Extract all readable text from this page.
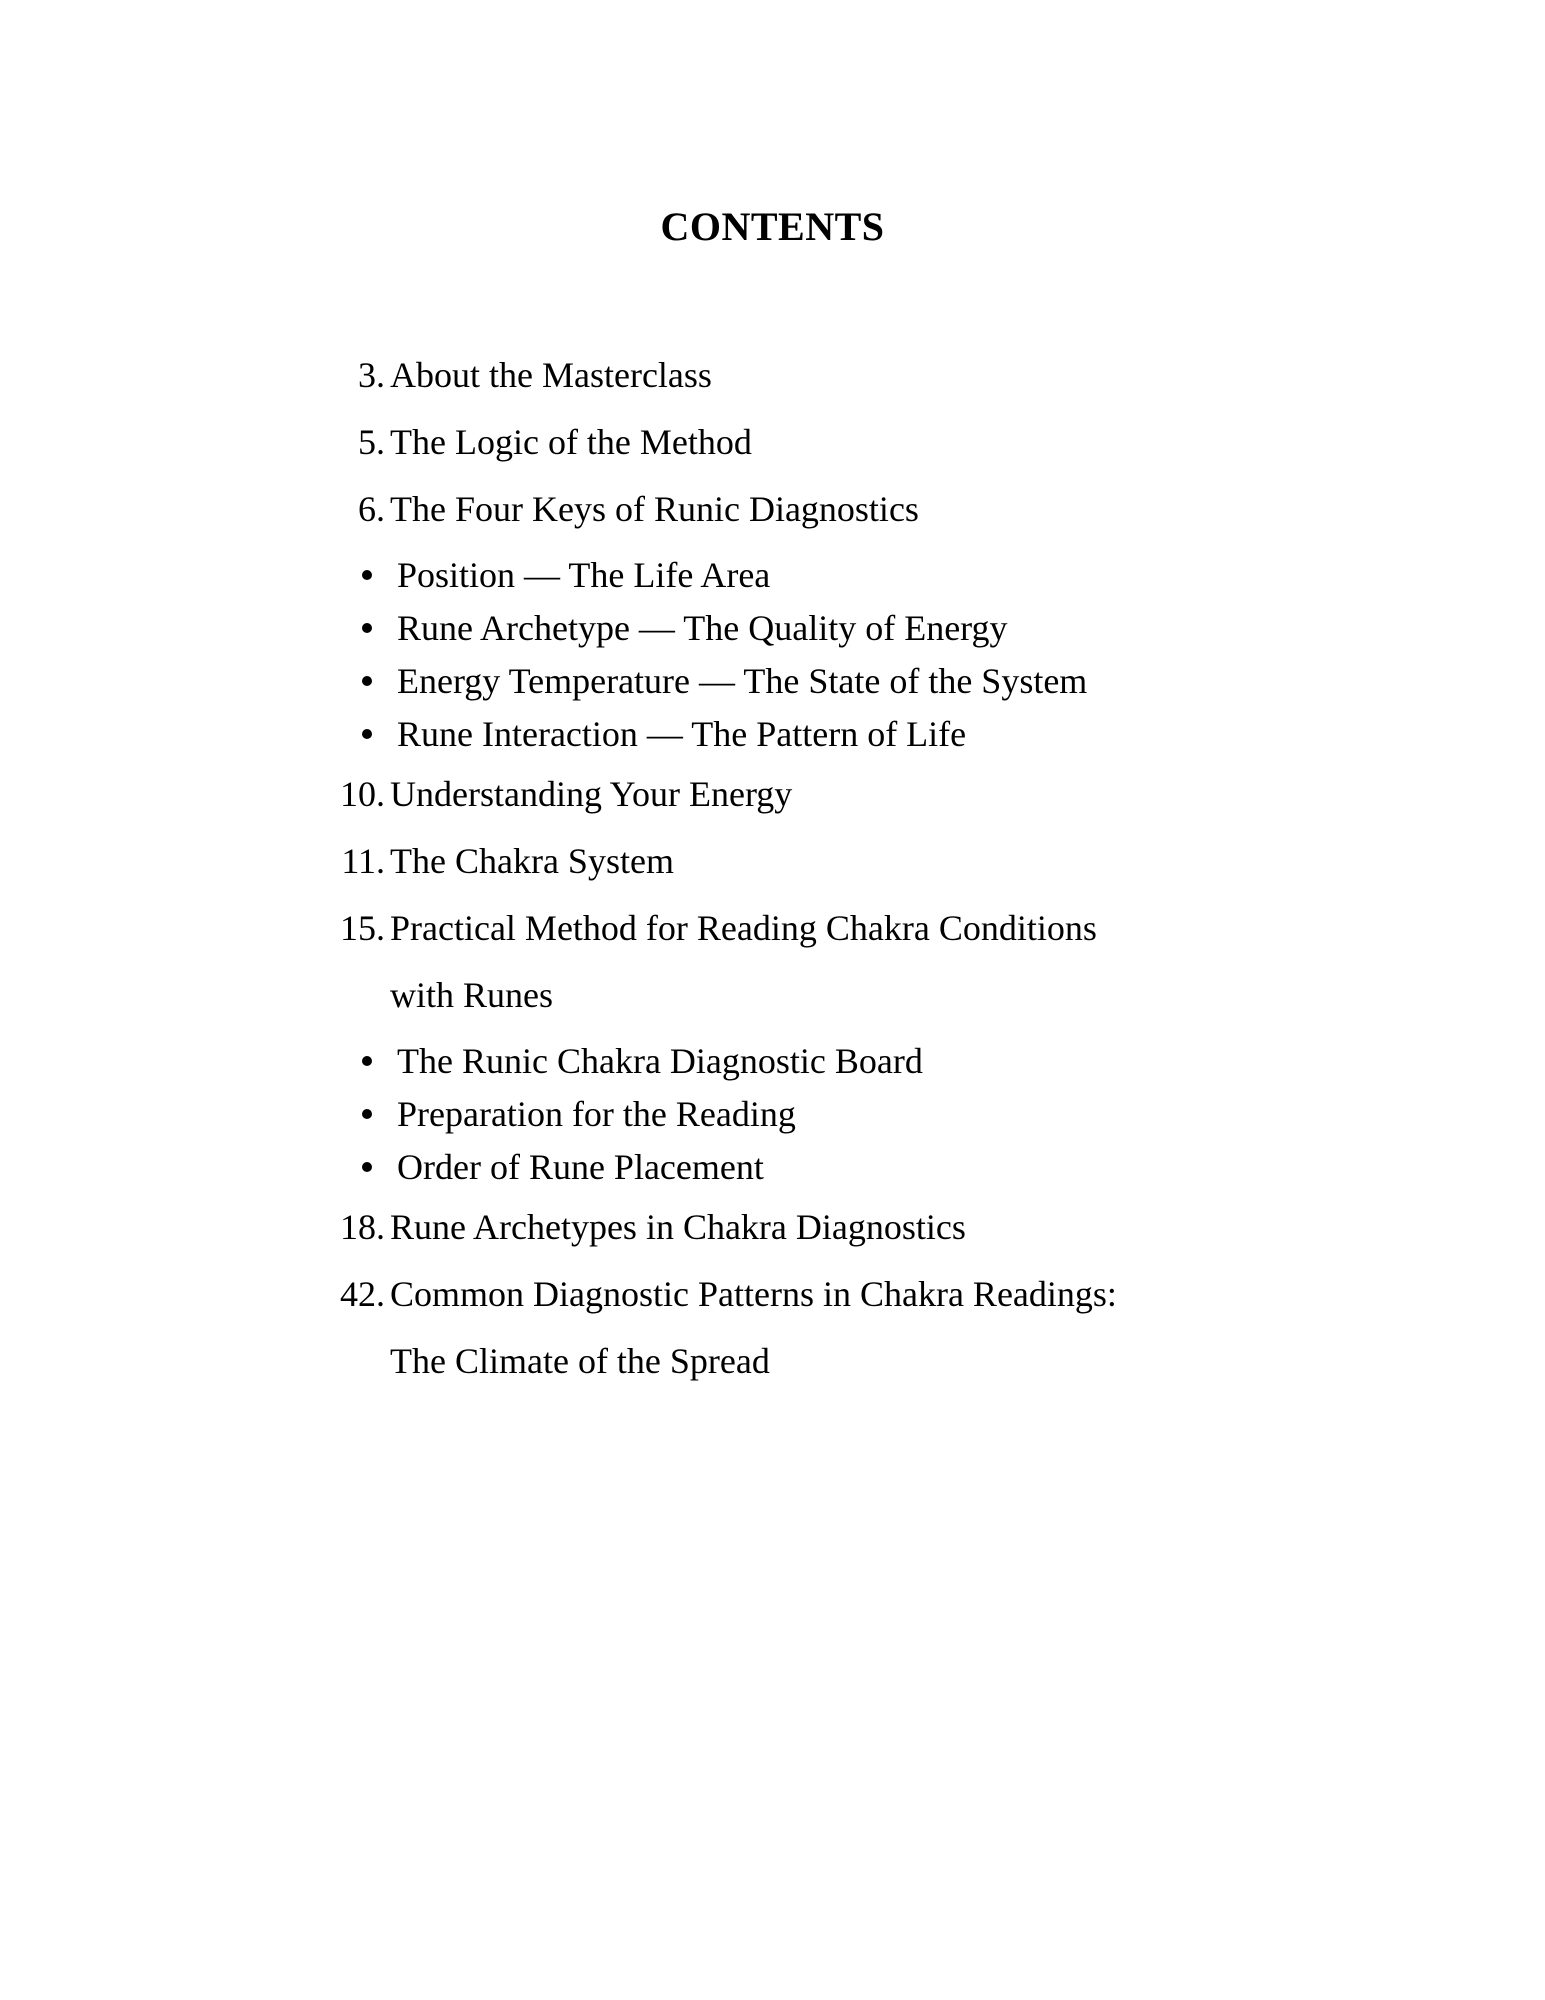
CONTENTS
3. About the Masterclass
5. The Logic of the Method
6. The Four Keys of Runic Diagnostics
Position — The Life Area
Rune Archetype — The Quality of Energy
Energy Temperature — The State of the System
Rune Interaction — The Pattern of Life
10. Understanding Your Energy
11. The Chakra System
15. Practical Method for Reading Chakra Conditions
with Runes
The Runic Chakra Diagnostic Board
Preparation for the Reading
Order of Rune Placement
18. Rune Archetypes in Chakra Diagnostics
42. Common Diagnostic Patterns in Chakra Readings:
The Climate of the Spread
